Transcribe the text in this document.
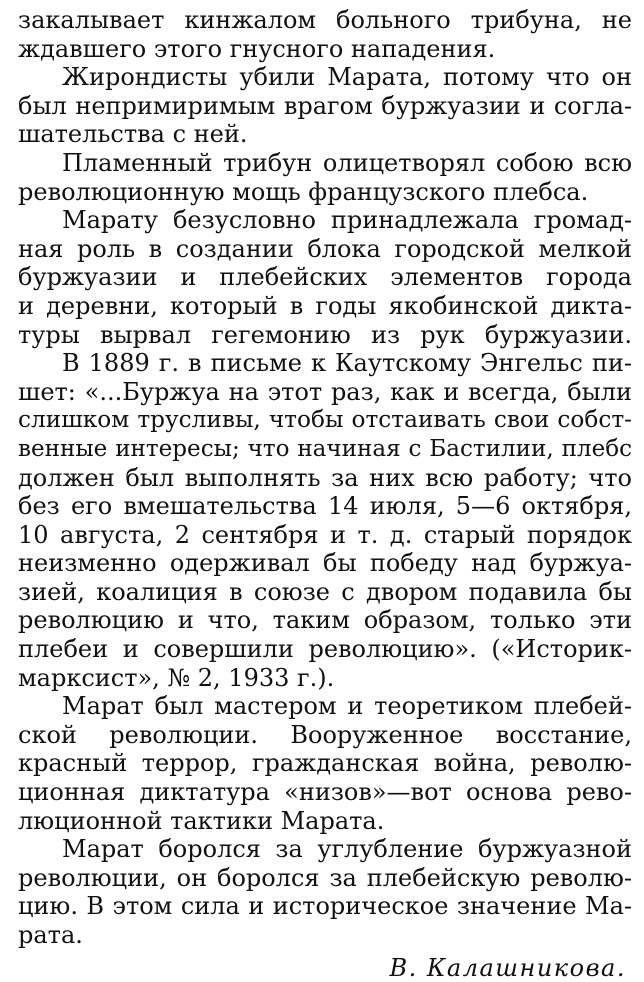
закалывает кинжалом больного трибуна, не
ждавшего этого гнусного нападения.
Жирондисты убили Марата, потому что он
был непримиримым врагом буржуазии и согла-
шательства с ней.
Пламенный трибун олицетворял собою всю
революционную мощь французского плебса.
Марату безусловно принадлежала громад-
ная роль в создании блока городской мелкой
буржуазии и плебейских элементов города
и деревни, который в годы якобинской дикта-
туры вырвал гегемонию из рук буржуазии.
В 1889 г. в письме к Каутскому Энгельс пи-
шет: «...Буржуа на этот раз, как и всегда, были
слишком трусливы, чтобы отстаивать свои собст-
венные интересы; что начиная с Бастилии, плебс
должен был выполнять за них всю работу; что
без его вмешательства 14 июля, 5—6 октября,
10 августа, 2 сентября и т. д. старый порядок
неизменно одерживал бы победу над буржуа-
зией, коалиция в союзе с двором подавила бы
революцию и что, таким образом, только эти
плебеи и совершили революцию». («Историк-
марксист», № 2, 1933 г.).
Марат был мастером и теоретиком плебей-
ской революции. Вооруженное восстание,
красный террор, гражданская война, револю-
ционная диктатура «низов»—вот основа рево-
люционной тактики Марата.
Марат боролся за углубление буржуазной
революции, он боролся за плебейскую револю-
цию. В этом сила и историческое значение Ма-
рата.
В. Калашникова.
